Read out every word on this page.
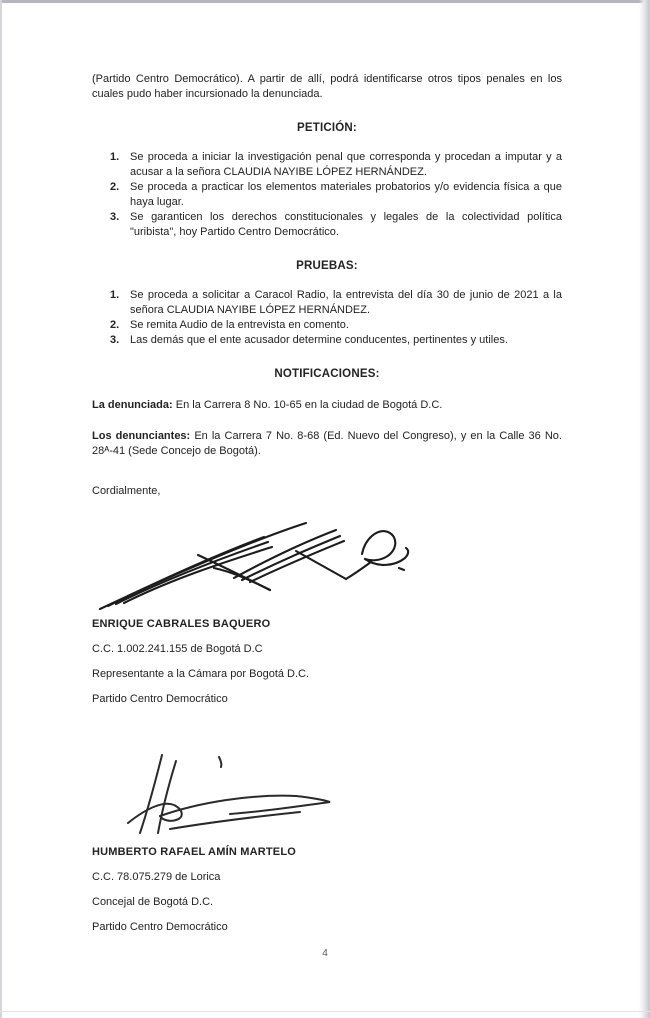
(Partido Centro Democrático). A partir de allí, podrá identificarse otros tipos penales en los cuales pudo haber incursionado la denunciada.

PETICIÓN:

1. Se proceda a iniciar la investigación penal que corresponda y procedan a imputar y a acusar a la señora CLAUDIA NAYIBE LÓPEZ HERNÁNDEZ.
2. Se proceda a practicar los elementos materiales probatorios y/o evidencia física a que haya lugar.
3. Se garanticen los derechos constitucionales y legales de la colectividad política "uribista", hoy Partido Centro Democrático.

PRUEBAS:

1. Se proceda a solicitar a Caracol Radio, la entrevista del día 30 de junio de 2021 a la señora CLAUDIA NAYIBE LÓPEZ HERNÁNDEZ.
2. Se remita Audio de la entrevista en comento.
3. Las demás que el ente acusador determine conducentes, pertinentes y utiles.

NOTIFICACIONES:

La denunciada: En la Carrera 8 No. 10-65 en la ciudad de Bogotá D.C.

Los denunciantes: En la Carrera 7 No. 8-68 (Ed. Nuevo del Congreso), y en la Calle 36 No. 28ᴬ-41 (Sede Concejo de Bogotá).

Cordialmente,

ENRIQUE CABRALES BAQUERO

C.C. 1.002.241.155 de Bogotá D.C

Representante a la Cámara por Bogotá D.C.

Partido Centro Democrático

HUMBERTO RAFAEL AMÍN MARTELO

C.C. 78.075.279 de Lorica

Concejal de Bogotá D.C.

Partido Centro Democrático

4
